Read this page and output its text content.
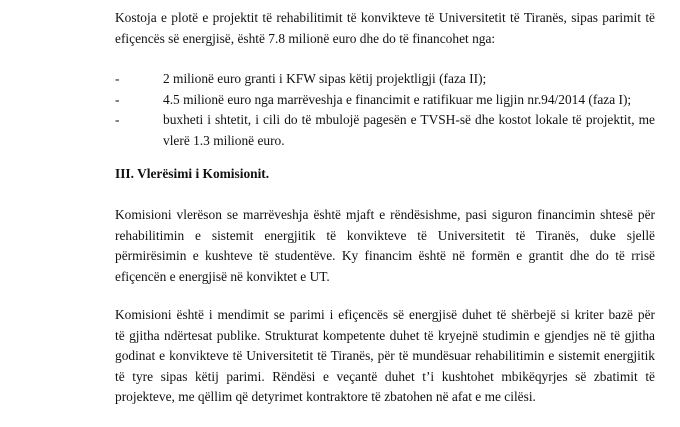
Kostoja e plotë e projektit të rehabilitimit të konvikteve të Universitetit të Tiranës, sipas parimit të
efiçencës së energjisë, është 7.8 milionë euro dhe do të financohet nga:

-	2 milionë euro granti i KFW sipas këtij projektligji (faza II);
-	4.5 milionë euro nga marrëveshja e financimit e ratifikuar me ligjin nr.94/2014 (faza I);
-	buxheti i shtetit, i cili do të mbulojë pagesën e TVSH-së dhe kostot lokale të projektit, me
vlerë 1.3 milionë euro.
III. Vlerësimi i Komisionit.

Komisioni vlerëson se marrëveshja është mjaft e rëndësishme, pasi siguron financimin shtesë për
rehabilitimin e sistemit energjitik të konvikteve të Universitetit të Tiranës, duke sjellë
përmirësimin e kushteve të studentëve. Ky financim është në formën e grantit dhe do të rrisë
efiçencën e energjisë në konviktet e UT.

Komisioni është i mendimit se parimi i efiçencës së energjisë duhet të shërbejë si kriter bazë për
të gjitha ndërtesat publike. Strukturat kompetente duhet të kryejnë studimin e gjendjes në të gjitha
godinat e konvikteve të Universitetit të Tiranës, për të mundësuar rehabilitimin e sistemit energjitik
të tyre sipas këtij parimi. Rëndësi e veçantë duhet t’i kushtohet mbikëqyrjes së zbatimit të
projekteve, me qëllim që detyrimet kontraktore të zbatohen në afat e me cilësi.
